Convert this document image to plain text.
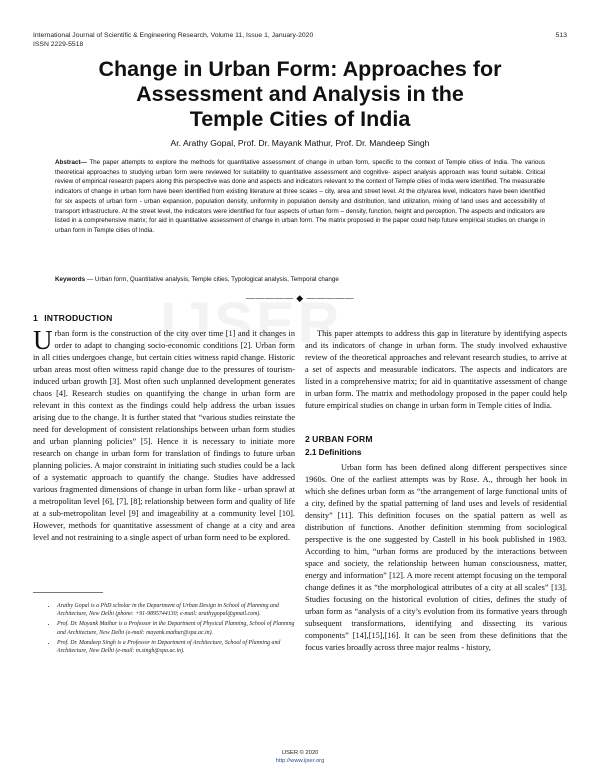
International Journal of Scientific & Engineering Research, Volume 11, Issue 1, January-2020
ISSN 2229-5518
513
Change in Urban Form: Approaches for
Assessment and Analysis in the
Temple Cities of India
Ar. Arathy Gopal, Prof. Dr. Mayank Mathur, Prof. Dr. Mandeep Singh
Abstract— The paper attempts to explore the methods for quantitative assessment of change in urban form, specific to the context of Temple cities of India. The various theoretical approaches to studying urban form were reviewed for suitability to quantitative assessment and cognitive- aspect analysis approach was found suitable. Critical review of empirical research papers along this perspective was done and aspects and indicators relevant to the context of Temple cities of India were identified. The measurable indicators of change in urban form have been identified from existing literature at three scales – city, area and street level. At the city/area level, indicators have been identified for six aspects of urban form - urban expansion, population density, uniformity in population density and distribution, land utilization, mixing of land uses and accessibility of transport infrastructure. At the street level, the indicators were identified for four aspects of urban form – density, function, height and perception. The aspects and indicators are listed in a comprehensive matrix; for aid in quantitative assessment of change in urban form. The matrix proposed in the paper could help future empirical studies on change in urban form in Temple cities of India.
Keywords — Urban form, Quantitative analysis, Temple cities, Typological analysis, Temporal change
————— ◆ —————
1 INTRODUCTION
Urban form is the construction of the city over time [1] and it changes in order to adapt to changing socio-economic conditions [2]. Urban form in all cities undergoes change, but certain cities witness rapid change. Historic urban areas most often witness rapid change due to the pressures of tourism-induced urban growth [3]. Most often such unplanned development generates chaos [4]. Research studies on quantifying the change in urban form are relevant in this context as the findings could help address the urban issues arising due to the change. It is further stated that “various studies reinstate the need for development of consistent relationships between urban form studies and urban planning policies” [5]. Hence it is necessary to initiate more research on change in urban form for translation of findings to future urban planning policies. A major constraint in initiating such studies could be a lack of a systematic approach to quantify the change. Studies have addressed various fragmented dimensions of change in urban form like - urban sprawl at a metropolitan level [6], [7], [8]; relationship between form and quality of life at a sub-metropolitan level [9] and imageability at a community level [10]. However, methods for quantitative assessment of change at a city and area level and not restraining to a single aspect of urban form need to be explored.
• Arathy Gopal is a PhD scholar in the Department of Urban Design in School of Planning and Architecture, New Delhi (phone: +91-9895744130; e-mail: arathygopal@gmail.com).
• Prof. Dr. Mayank Mathur is a Professor in the Department of Physical Planning, School of Planning and Architecture, New Delhi (e-mail: mayank.mathur@spa.ac.in).
• Prof. Dr. Mandeep Singh is a Professor in Department of Architecture, School of Planning and Architecture, New Delhi (e-mail: m.singh@spa.ac.in).
This paper attempts to address this gap in literature by identifying aspects and its indicators of change in urban form. The study involved exhaustive review of the theoretical approaches and relevant research studies, to arrive at a set of aspects and measurable indicators. The aspects and indicators are listed in a comprehensive matrix; for aid in quantitative assessment of change in urban form. The matrix and methodology proposed in the paper could help future empirical studies on change in urban form in Temple cities of India.
2 URBAN FORM
2.1 Definitions
Urban form has been defined along different perspectives since 1960s. One of the earliest attempts was by Rose. A., through her book in which she defines urban form as “the arrangement of large functional units of a city, defined by the spatial patterning of land uses and levels of residential density” [11]. This definition focuses on the spatial pattern as well as distribution of functions. Another definition stemming from sociological perspective is the one suggested by Castell in his book published in 1983. According to him, “urban forms are produced by the interactions between space and society, the relationship between human consciousness, matter, energy and information” [12]. A more recent attempt focusing on the temporal change defines it as “the morphological attributes of a city at all scales” [13]. Studies focusing on the historical evolution of cities, defines the study of urban form as “analysis of a city’s evolution from its formative years through subsequent transformations, identifying and dissecting its various components” [14],[15],[16]. It can be seen from these definitions that the focus varies broadly across three major realms - history,
IJSER © 2020
http://www.ijser.org
